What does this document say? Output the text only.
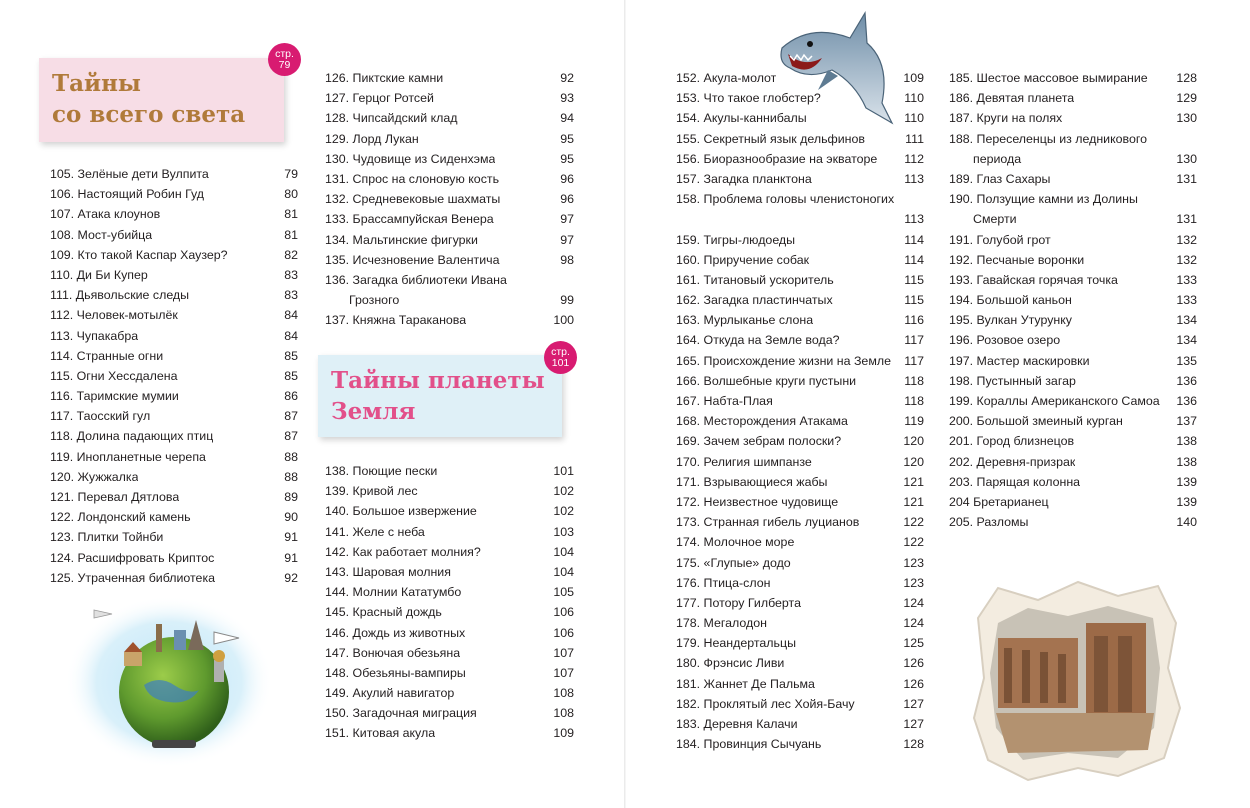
Тайны
со всего света
стр.
79
105. Зелёные дети Вулпита	79
106. Настоящий Робин Гуд	80
107. Атака клоунов	81
108. Мост-убийца	81
109. Кто такой Каспар Хаузер?	82
110. Ди Би Купер	83
111. Дьявольские следы	83
112. Человек-мотылёк	84
113. Чупакабра	84
114. Странные огни	85
115. Огни Хессдалена	85
116. Таримские мумии	86
117. Таосский гул	87
118. Долина падающих птиц	87
119. Инопланетные черепа	88
120. Жужжалка	88
121. Перевал Дятлова	89
122. Лондонский камень	90
123. Плитки Тойнби	91
124. Расшифровать Криптос	91
125. Утраченная библиотека	92
126. Пиктские камни	92
127. Герцог Ротсей	93
128. Чипсайдский клад	94
129. Лорд Лукан	95
130. Чудовище из Сиденхэма	95
131. Спрос на слоновую кость	96
132. Средневековые шахматы	96
133. Брассампуйская Венера	97
134. Мальтинские фигурки	97
135. Исчезновение Валентича	98
136. Загадка библиотеки Ивана Грозного	99
137. Княжна Тараканова	100
Тайны планеты
Земля
стр.
101
138. Поющие пески	101
139. Кривой лес	102
140. Большое извержение	102
141. Желе с неба	103
142. Как работает молния?	104
143. Шаровая молния	104
144. Молнии Кататумбо	105
145. Красный дождь	106
146. Дождь из животных	106
147. Вонючая обезьяна	107
148. Обезьяны-вампиры	107
149. Акулий навигатор	108
150. Загадочная миграция	108
151. Китовая акула	109
152. Акула-молот	109
153. Что такое глобстер?	110
154. Акулы-каннибалы	110
155. Секретный язык дельфинов	111
156. Биоразнообразие на экваторе	112
157. Загадка планктона	113
158. Проблема головы членистоногих
113
159. Тигры-людоеды	114
160. Приручение собак	114
161. Титановый ускоритель	115
162. Загадка пластинчатых	115
163. Мурлыканье слона	116
164. Откуда на Земле вода?	117
165. Происхождение жизни на Земле	117
166. Волшебные круги пустыни	118
167. Набта-Плая	118
168. Месторождения Атакама	119
169. Зачем зебрам полоски?	120
170. Религия шимпанзе	120
171. Взрывающиеся жабы	121
172. Неизвестное чудовище	121
173. Странная гибель луцианов	122
174. Молочное море	122
175. «Глупые» додо	123
176. Птица-слон	123
177. Потору Гилберта	124
178. Мегалодон	124
179. Неандертальцы	125
180. Фрэнсис Ливи	126
181. Жаннет Де Пальма	126
182. Проклятый лес Хойя-Бачу	127
183. Деревня Калачи	127
184. Провинция Сычуань	128
185. Шестое массовое вымирание	128
186. Девятая планета	129
187. Круги на полях	130
188. Переселенцы из ледникового периода	130
189. Глаз Сахары	131
190. Ползущие камни из Долины Смерти	131
191. Голубой грот	132
192. Песчаные воронки	132
193. Гавайская горячая точка	133
194. Большой каньон	133
195. Вулкан Утурунку	134
196. Розовое озеро	134
197. Мастер маскировки	135
198. Пустынный загар	136
199. Кораллы Американского Самоа	136
200. Большой змеиный курган	137
201. Город близнецов	138
202. Деревня-призрак	138
203. Парящая колонна	139
204 Бретарианец	139
205. Разломы	140
